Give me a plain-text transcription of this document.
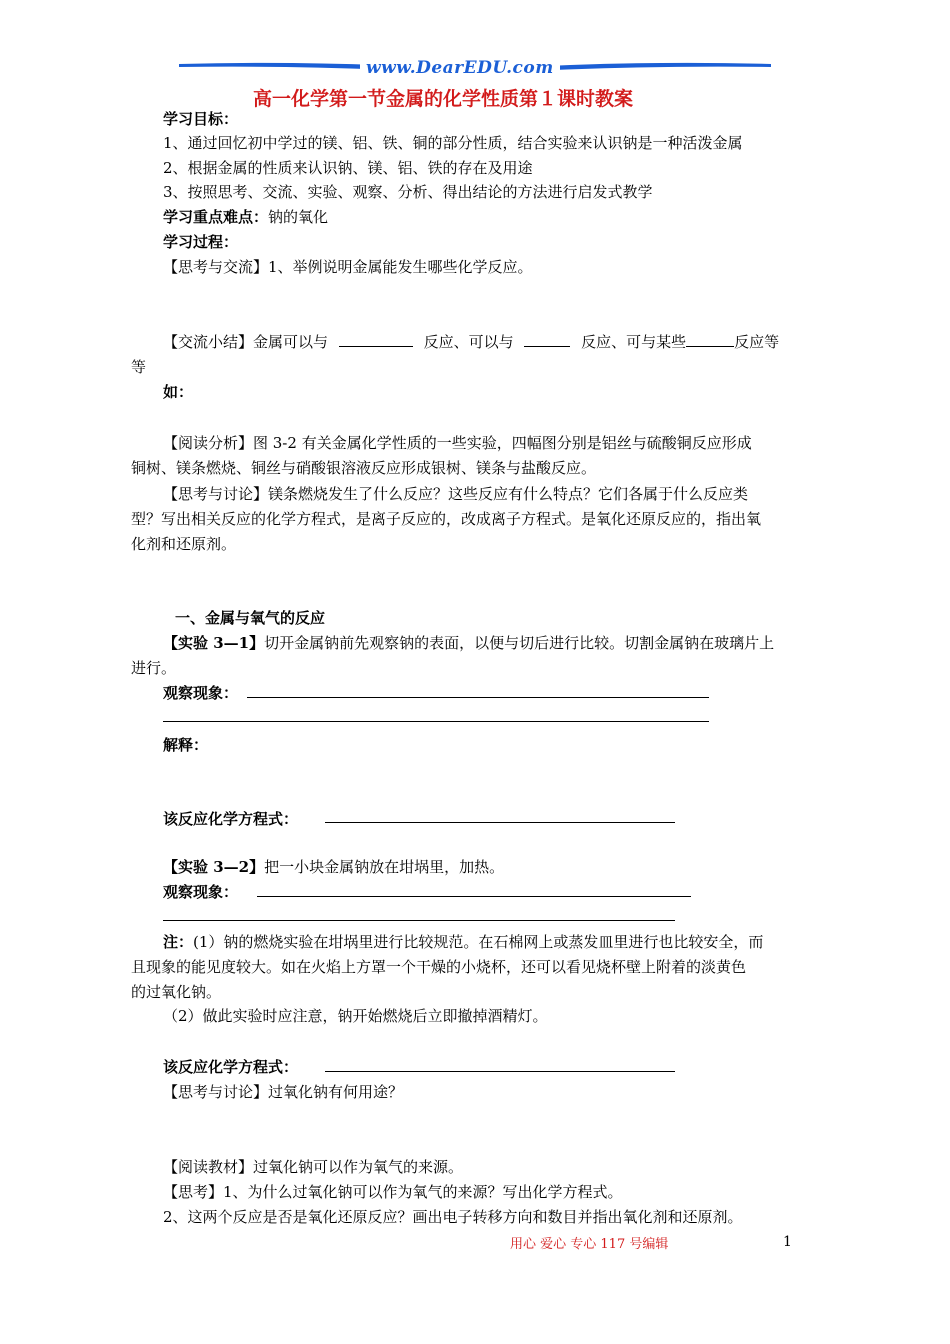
www.DearEDU.com
高一化学第一节金属的化学性质第１课时教案
学习目标：
1、通过回忆初中学过的镁、铝、铁、铜的部分性质，结合实验来认识钠是一种活泼金属
2、根据金属的性质来认识钠、镁、铝、铁的存在及用途
3、按照思考、交流、实验、观察、分析、得出结论的方法进行启发式教学
学习重点难点：钠的氧化
学习过程：
【思考与交流】1、举例说明金属能发生哪些化学反应。
【交流小结】金属可以与	反应、可以与	反应、可与某些	反应等
等
如：
【阅读分析】图 3-2 有关金属化学性质的一些实验，四幅图分别是铝丝与硫酸铜反应形成
铜树、镁条燃烧、铜丝与硝酸银溶液反应形成银树、镁条与盐酸反应。
【思考与讨论】镁条燃烧发生了什么反应？这些反应有什么特点？它们各属于什么反应类
型？写出相关反应的化学方程式，是离子反应的，改成离子方程式。是氧化还原反应的，指出氧
化剂和还原剂。
一、金属与氧气的反应
【实验 3—1】切开金属钠前先观察钠的表面，以便与切后进行比较。切割金属钠在玻璃片上
进行。
观察现象：
解释：
该反应化学方程式：
【实验 3—2】把一小块金属钠放在坩埚里，加热。
观察现象：
注：(1）钠的燃烧实验在坩埚里进行比较规范。在石棉网上或蒸发皿里进行也比较安全，而
且现象的能见度较大。如在火焰上方罩一个干燥的小烧杯，还可以看见烧杯壁上附着的淡黄色
的过氧化钠。
（2）做此实验时应注意，钠开始燃烧后立即撤掉酒精灯。
该反应化学方程式：
【思考与讨论】过氧化钠有何用途？
【阅读教材】过氧化钠可以作为氧气的来源。
【思考】1、为什么过氧化钠可以作为氧气的来源？写出化学方程式。
2、这两个反应是否是氧化还原反应？画出电子转移方向和数目并指出氧化剂和还原剂。
用心 爱心 专心 117 号编辑	1
